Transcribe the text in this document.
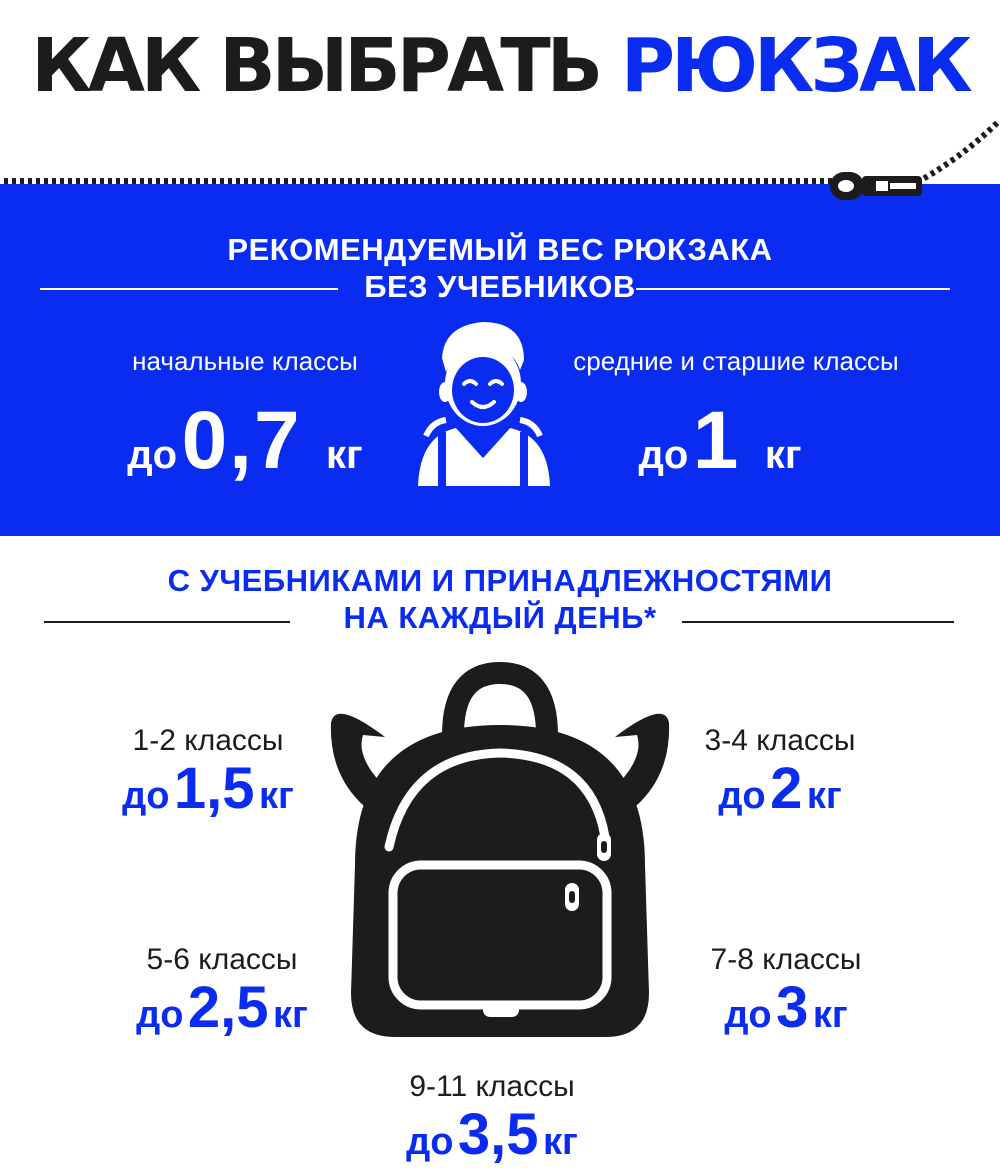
КАК ВЫБРАТЬ РЮКЗАК
РЕКОМЕНДУЕМЫЙ ВЕС РЮКЗАКА
БЕЗ УЧЕБНИКОВ
начальные классы
до 0,7 кг
средние и старшие классы
до 1 кг
С УЧЕБНИКАМИ И ПРИНАДЛЕЖНОСТЯМИ
НА КАЖДЫЙ ДЕНЬ*
1-2 классы
до 1,5 кг
3-4 классы
до 2 кг
5-6 классы
до 2,5 кг
7-8 классы
до 3 кг
9-11 классы
до 3,5 кг
